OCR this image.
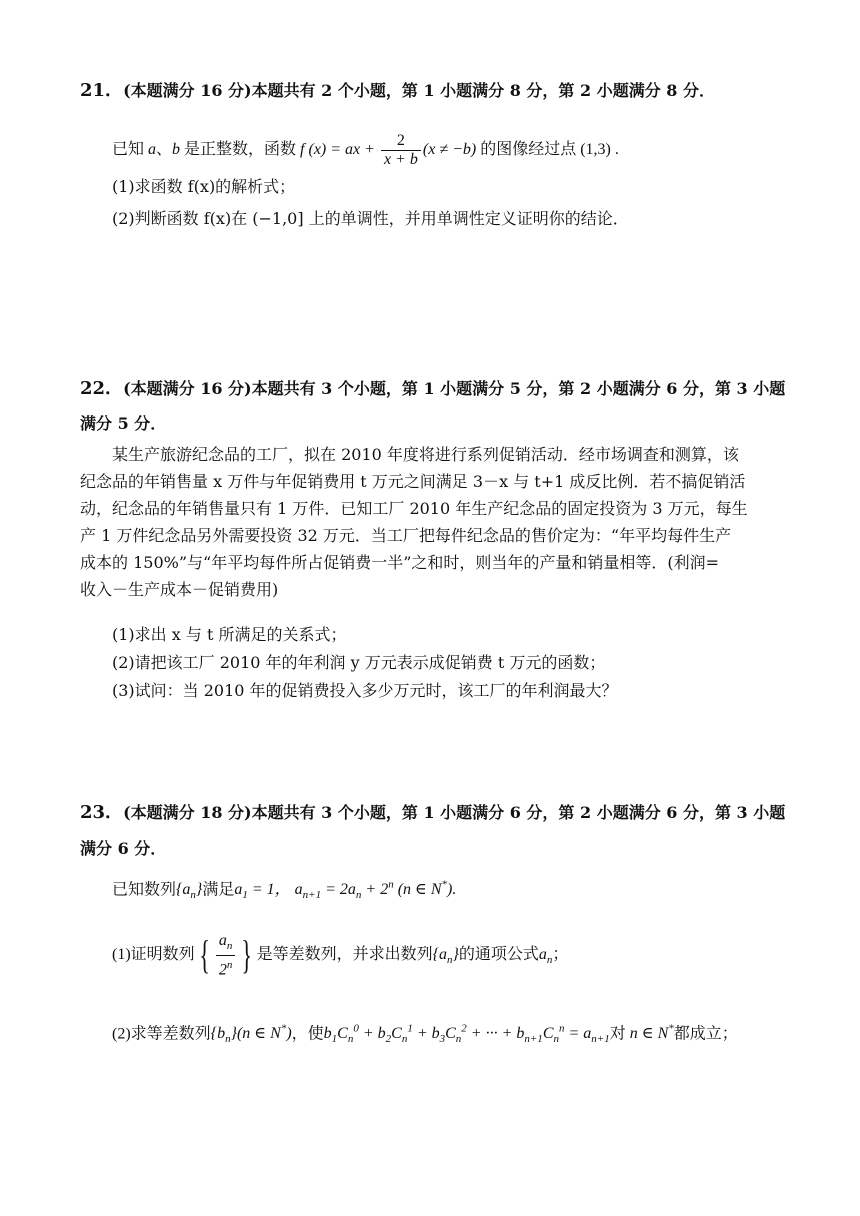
21．(本题满分 16 分)本题共有 2 个小题，第 1 小题满分 8 分，第 2 小题满分 8 分．
已知 a、b 是正整数，函数 f (x) = ax + $\frac{2}{x + b} (x \ne -b)$ 的图像经过点 (1,3) .
(1)求函数 f(x)的解析式；
(2)判断函数 f(x)在 (−1,0] 上的单调性，并用单调性定义证明你的结论．
22．(本题满分 16 分)本题共有 3 个小题，第 1 小题满分 5 分，第 2 小题满分 6 分，第 3 小题
满分 5 分．
某生产旅游纪念品的工厂，拟在 2010 年度将进行系列促销活动．经市场调查和测算，该
纪念品的年销售量 x 万件与年促销费用 t 万元之间满足 3－x 与 t+1 成反比例．若不搞促销活
动，纪念品的年销售量只有 1 万件．已知工厂 2010 年生产纪念品的固定投资为 3 万元，每生
产 1 万件纪念品另外需要投资 32 万元．当工厂把每件纪念品的售价定为：“年平均每件生产
成本的 150%”与“年平均每件所占促销费一半”之和时，则当年的产量和销量相等．(利润=
收入－生产成本－促销费用)
(1)求出 x 与 t 所满足的关系式；
(2)请把该工厂 2010 年的年利润 y 万元表示成促销费 t 万元的函数；
(3)试问：当 2010 年的促销费投入多少万元时，该工厂的年利润最大？
23．(本题满分 18 分)本题共有 3 个小题，第 1 小题满分 6 分，第 2 小题满分 6 分，第 3 小题
满分 6 分．
已知数列$\{a_n\}$满足$a_1 = 1$， $a_{n+1} = 2a_n + 2^n$ (n ∈ N*).
(1)证明数列 { $\frac{a_n}{2^n}$ } 是等差数列，并求出数列$\{a_n\}$的通项公式$a_n$；
(2)求等差数列$\{b_n\}(n$ ∈ N*)，使$b_1C_n^0 + b_2C_n^1 + b_3C_n^2$ + ··· + $b_{n+1}C_n^n = a_{n+1}$对 n ∈ N*都成立；
